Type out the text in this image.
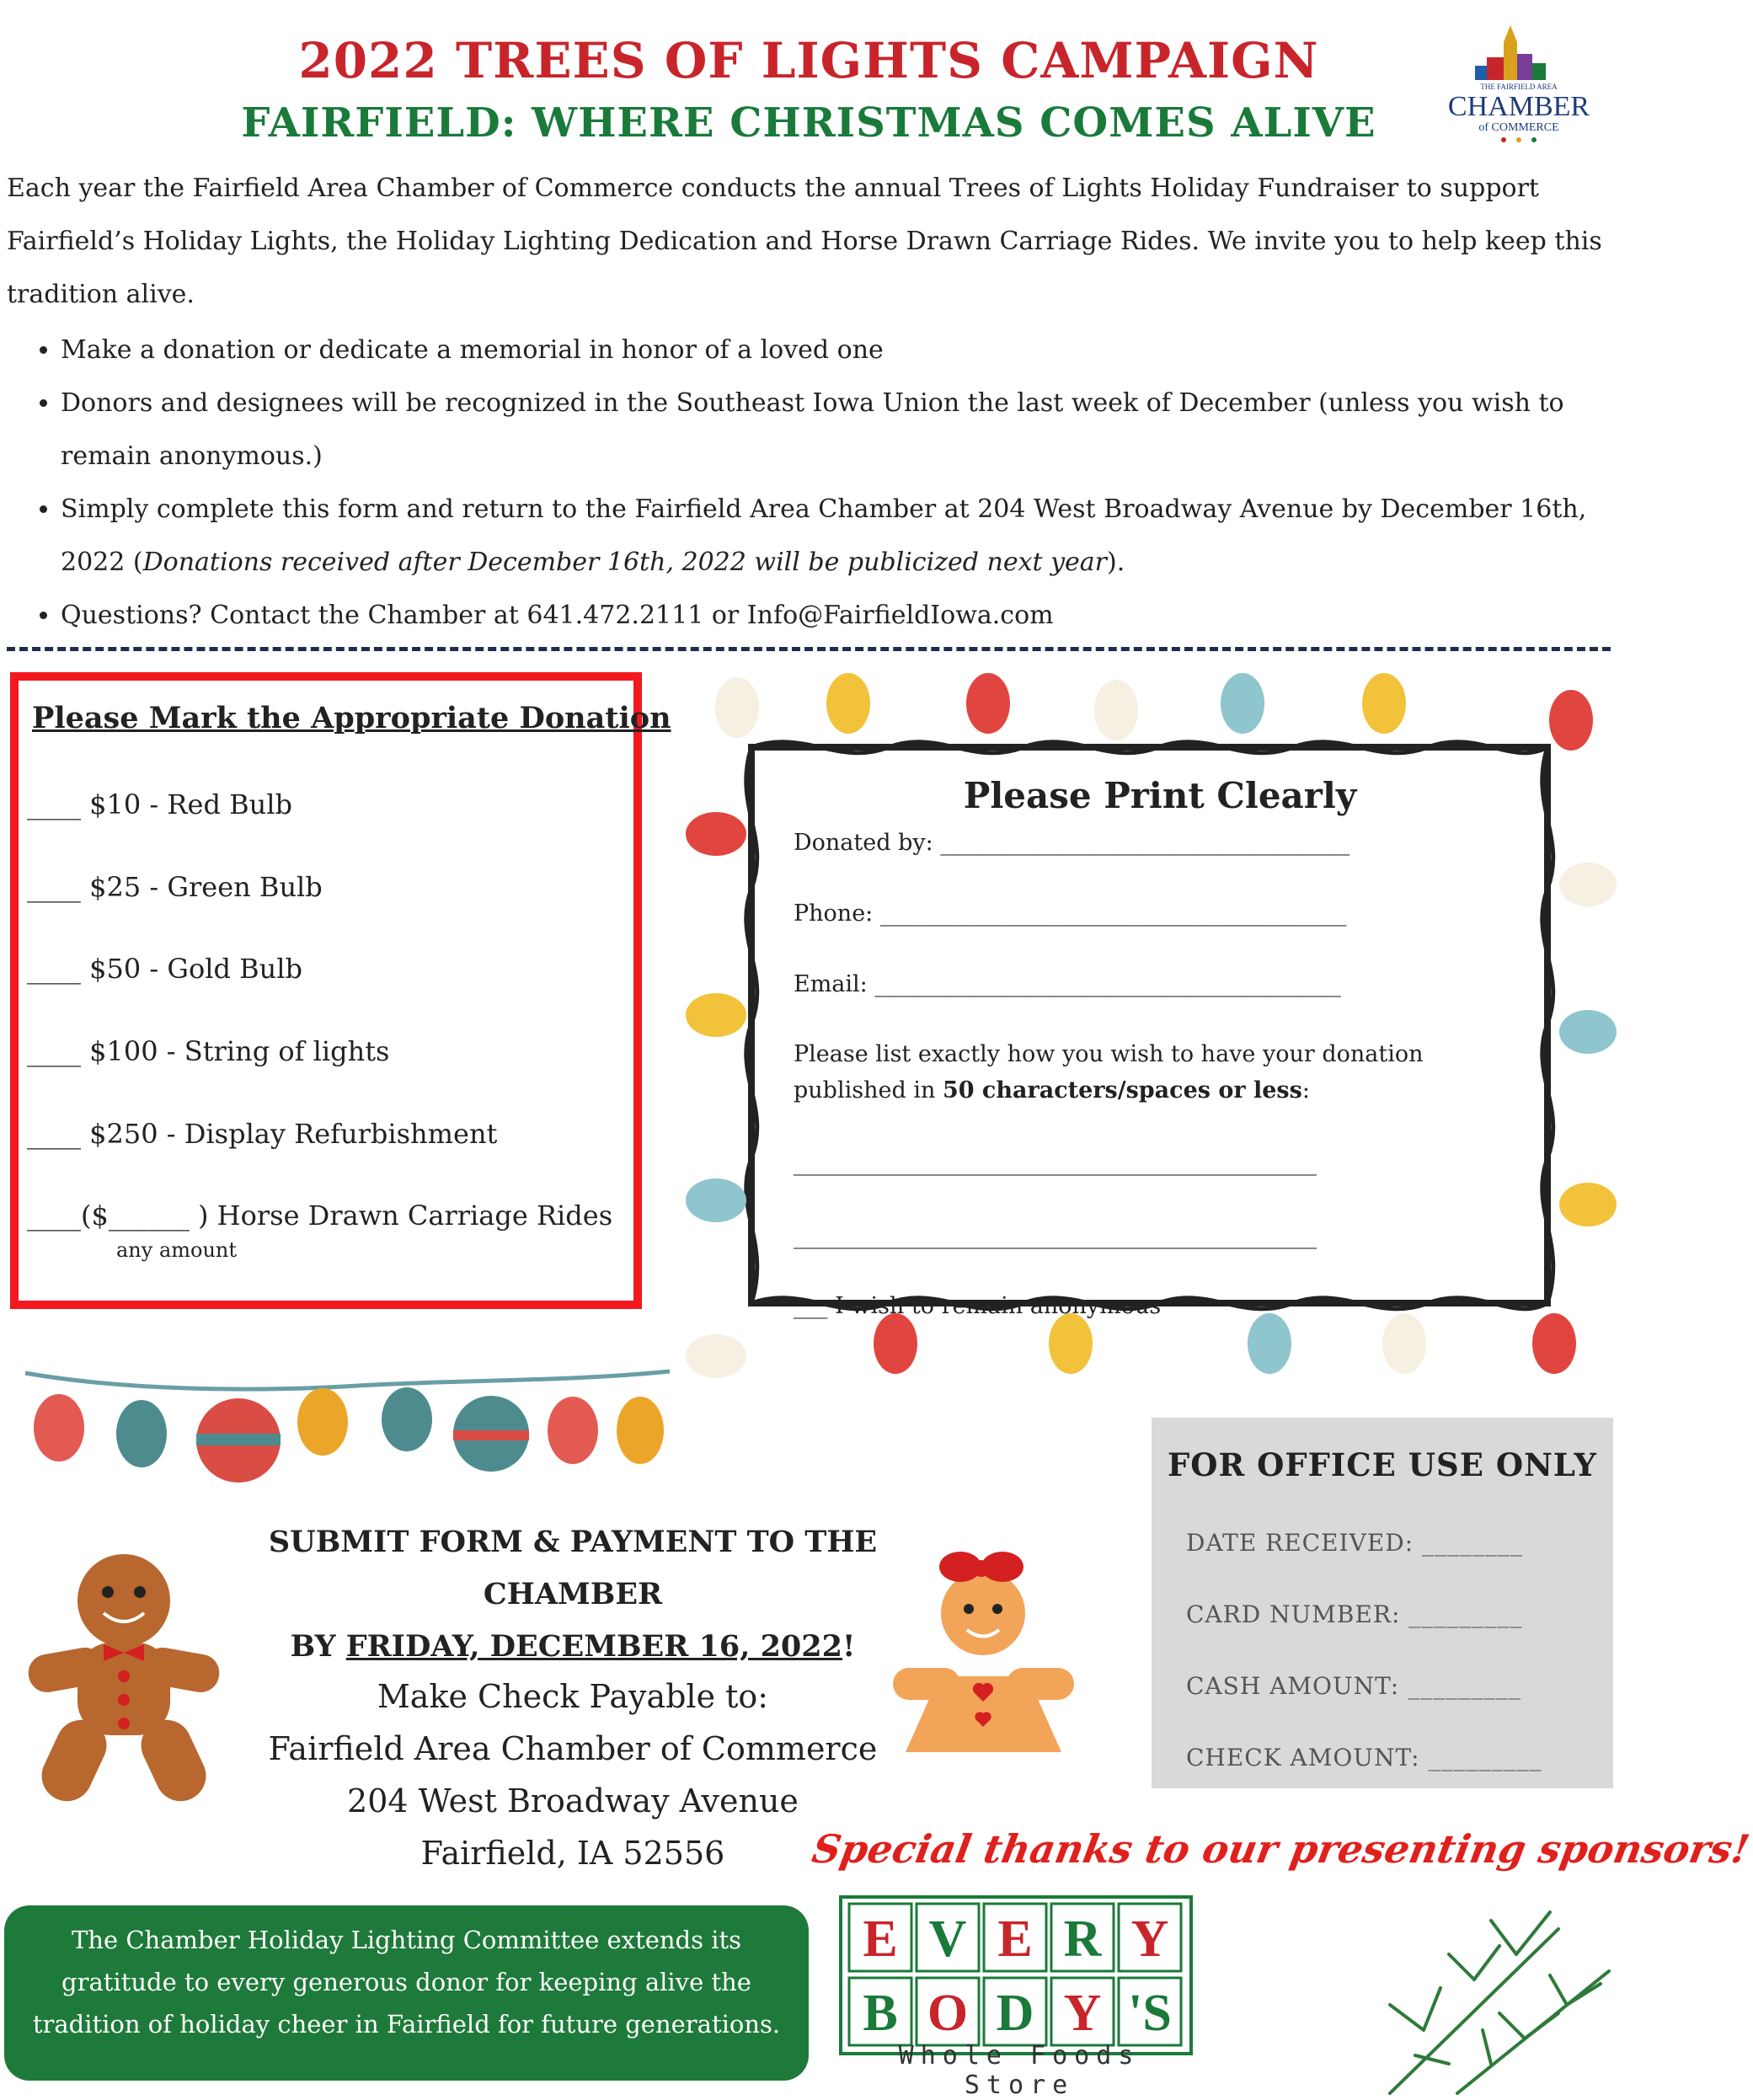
2022 TREES OF LIGHTS CAMPAIGN
FAIRFIELD: WHERE CHRISTMAS COMES ALIVE
THE FAIRFIELD AREA
CHAMBER
of COMMERCE
Each year the Fairfield Area Chamber of Commerce conducts the annual Trees of Lights Holiday Fundraiser to support Fairfield’s Holiday Lights, the Holiday Lighting Dedication and Horse Drawn Carriage Rides. We invite you to help keep this tradition alive.
• Make a donation or dedicate a memorial in honor of a loved one
• Donors and designees will be recognized in the Southeast Iowa Union the last week of December (unless you wish to remain anonymous.)
• Simply complete this form and return to the Fairfield Area Chamber at 204 West Broadway Avenue by December 16th, 2022 (Donations received after December 16th, 2022 will be publicized next year).
• Questions? Contact the Chamber at 641.472.2111 or Info@FairfieldIowa.com
Please Mark the Appropriate Donation
____ $10 - Red Bulb
____ $25 - Green Bulb
____ $50 - Gold Bulb
____ $100 - String of lights
____ $250 - Display Refurbishment
____($______ ) Horse Drawn Carriage Rides
any amount
Please Print Clearly
Donated by: ____________________________________
Phone: _________________________________________
Email: _________________________________________
Please list exactly how you wish to have your donation
published in 50 characters/spaces or less:
______________________________________________
______________________________________________
___ I wish to remain anonymous
FOR OFFICE USE ONLY
DATE RECEIVED: ________
CARD NUMBER: _________
CASH AMOUNT: _________
CHECK AMOUNT: _________
SUBMIT FORM & PAYMENT TO THE CHAMBER
BY FRIDAY, DECEMBER 16, 2022!
Make Check Payable to:
Fairfield Area Chamber of Commerce
204 West Broadway Avenue
Fairfield, IA 52556	Special thanks to our presenting sponsors!
E V E R Y
B O D Y 'S
Whole Foods Store
The Chamber Holiday Lighting Committee extends its
gratitude to every generous donor for keeping alive the
tradition of holiday cheer in Fairfield for future generations.
